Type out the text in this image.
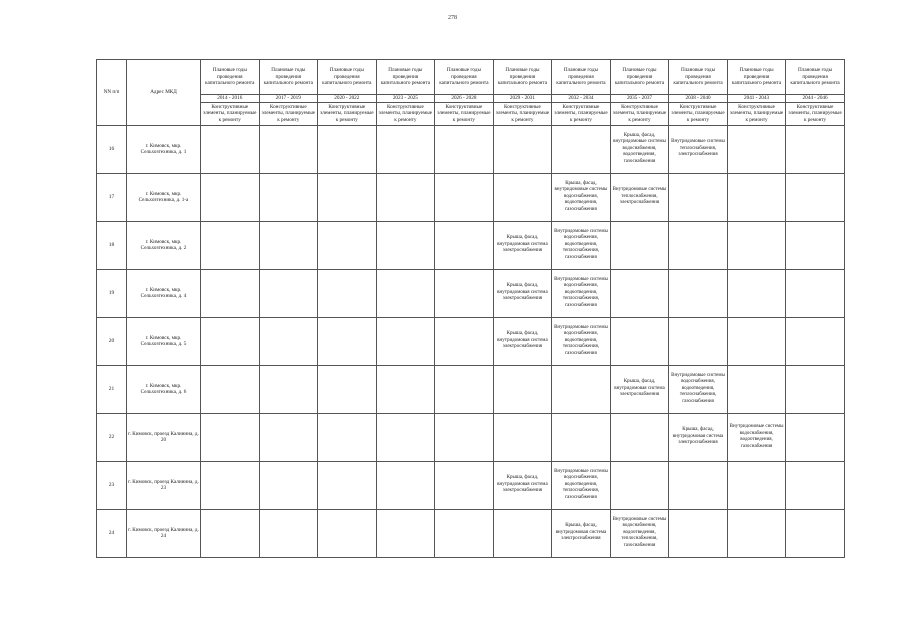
278
NN п/п	Адрес МКД	Плановые годы проведения капитального ремонта	Плановые годы проведения капитального ремонта	Плановые годы проведения капитального ремонта	Плановые годы проведения капитального ремонта	Плановые годы проведения капитального ремонта	Плановые годы проведения капитального ремонта	Плановые годы проведения капитального ремонта	Плановые годы проведения капитального ремонта	Плановые годы проведения капитального ремонта	Плановые годы проведения капитального ремонта	Плановые годы проведения капитального ремонта
		2014 - 2016	2017 - 2019	2020 - 2022	2023 - 2025	2026 - 2028	2029 - 2031	2032 - 2034	2035 - 2037	2038 - 2040	2041 - 2043	2044 - 2046
		Конструктивные элементы, планируемые к ремонту	Конструктивные элементы, планируемые к ремонту	Конструктивные элементы, планируемые к ремонту	Конструктивные элементы, планируемые к ремонту	Конструктивные элементы, планируемые к ремонту	Конструктивные элементы, планируемые к ремонту	Конструктивные элементы, планируемые к ремонту	Конструктивные элементы, планируемые к ремонту	Конструктивные элементы, планируемые к ремонту	Конструктивные элементы, планируемые к ремонту	Конструктивные элементы, планируемые к ремонту
16	г. Кимовск, мкр. Сельхозтехника, д. 1								Крыша, фасад, внутридомовые системы водоснабжения, водоотведения, газоснабжения	Внутридомовые системы теплоснабжения, электроснабжения		
17	г. Кимовск, мкр. Сельхозтехника, д. 1-а							Крыша, фасад, внутридомовые системы водоснабжения, водоотведения, газоснабжения	Внутридомовые системы теплоснабжения, электроснабжения			
18	г. Кимовск, мкр. Сельхозтехника, д. 2						Крыша, фасад, внутридомовая система электроснабжения	Внутридомовые системы водоснабжения, водоотведения, теплоснабжения, газоснабжения				
19	г. Кимовск, мкр. Сельхозтехника, д. 4						Крыша, фасад, внутридомовая система электроснабжения	Внутридомовые системы водоснабжения, водоотведения, теплоснабжения, газоснабжения				
20	г. Кимовск, мкр. Сельхозтехника, д. 5						Крыша, фасад, внутридомовая система электроснабжения	Внутридомовые системы водоснабжения, водоотведения, теплоснабжения, газоснабжения				
21	г. Кимовск, мкр. Сельхозтехника, д. 6								Крыша, фасад, внутридомовая система электроснабжения	Внутридомовые системы водоснабжения, водоотведения, теплоснабжения, газоснабжения		
22	г. Кимовск, проезд Калинина, д. 20									Крыша, фасад, внутридомовая система электроснабжения	Внутридомовые системы водоснабжения, водоотведения, газоснабжения	
23	г. Кимовск, проезд Калинина, д. 23						Крыша, фасад, внутридомовая система электроснабжения	Внутридомовые системы водоснабжения, водоотведения, теплоснабжения, газоснабжения				
24	г. Кимовск, проезд Калинина, д. 24							Крыша, фасад, внутридомовая система электроснабжения	Внутридомовые системы водоснабжения, водоотведения, теплоснабжения, газоснабжения			
